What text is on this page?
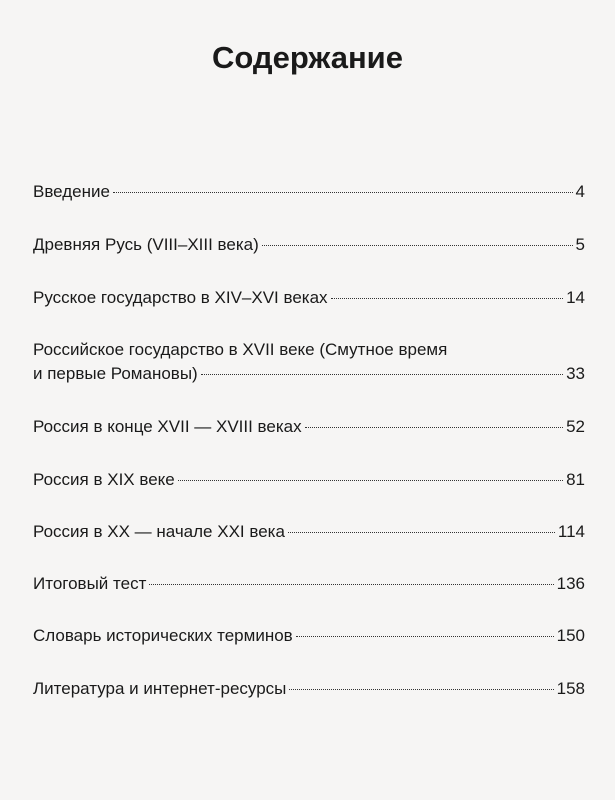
Содержание
Введение	4
Древняя Русь (VIII–XIII века)	5
Русское государство в XIV–XVI веках	14
Российское государство в XVII веке (Смутное время
и первые Романовы)	33
Россия в конце XVII — XVIII веках	52
Россия в XIX веке	81
Россия в XX — начале XXI века	114
Итоговый тест	136
Словарь исторических терминов	150
Литература и интернет-ресурсы	158
